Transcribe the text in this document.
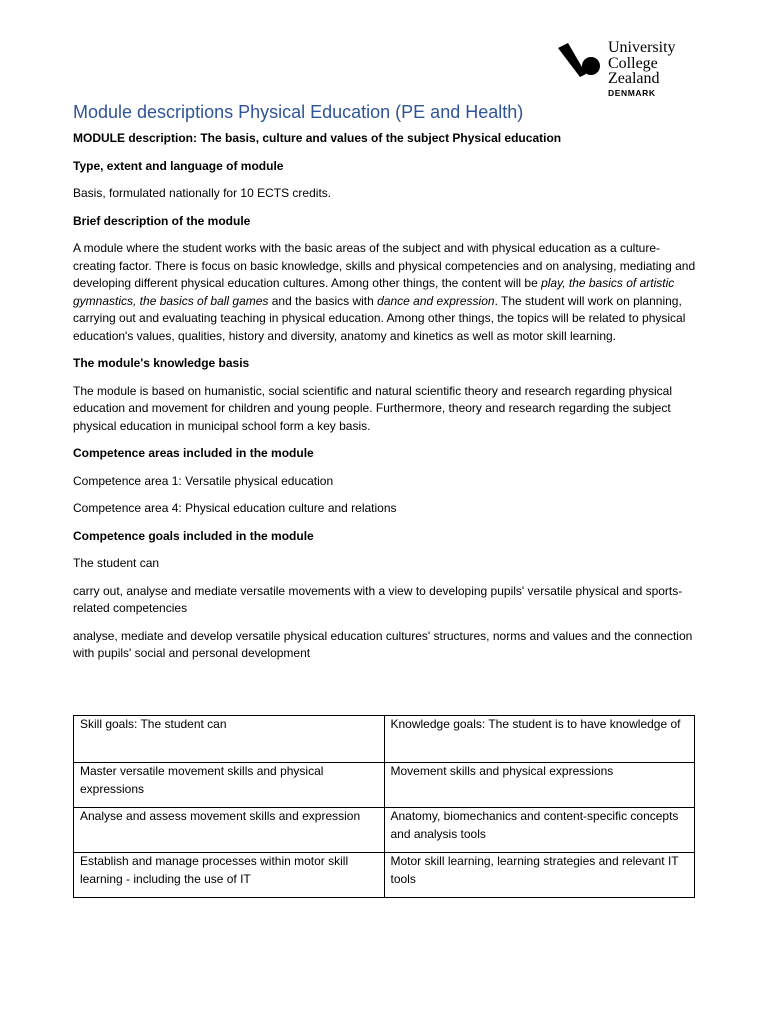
University
College
Zealand
DENMARK
Module descriptions Physical Education (PE and Health)

MODULE description: The basis, culture and values of the subject Physical education

Type, extent and language of module

Basis, formulated nationally for 10 ECTS credits.

Brief description of the module

A module where the student works with the basic areas of the subject and with physical education as a culture-creating factor. There is focus on basic knowledge, skills and physical competencies and on analysing, mediating and developing different physical education cultures. Among other things, the content will be play, the basics of artistic gymnastics, the basics of ball games and the basics with dance and expression. The student will work on planning, carrying out and evaluating teaching in physical education. Among other things, the topics will be related to physical education's values, qualities, history and diversity, anatomy and kinetics as well as motor skill learning.

The module's knowledge basis

The module is based on humanistic, social scientific and natural scientific theory and research regarding physical education and movement for children and young people. Furthermore, theory and research regarding the subject physical education in municipal school form a key basis.

Competence areas included in the module

Competence area 1: Versatile physical education

Competence area 4: Physical education culture and relations

Competence goals included in the module

The student can

carry out, analyse and mediate versatile movements with a view to developing pupils' versatile physical and sports-related competencies

analyse, mediate and develop versatile physical education cultures' structures, norms and values and the connection with pupils' social and personal development

Skill goals: The student can	Knowledge goals: The student is to have knowledge of
Master versatile movement skills and physical expressions	Movement skills and physical expressions
Analyse and assess movement skills and expression	Anatomy, biomechanics and content-specific concepts and analysis tools
Establish and manage processes within motor skill learning - including the use of IT	Motor skill learning, learning strategies and relevant IT tools
